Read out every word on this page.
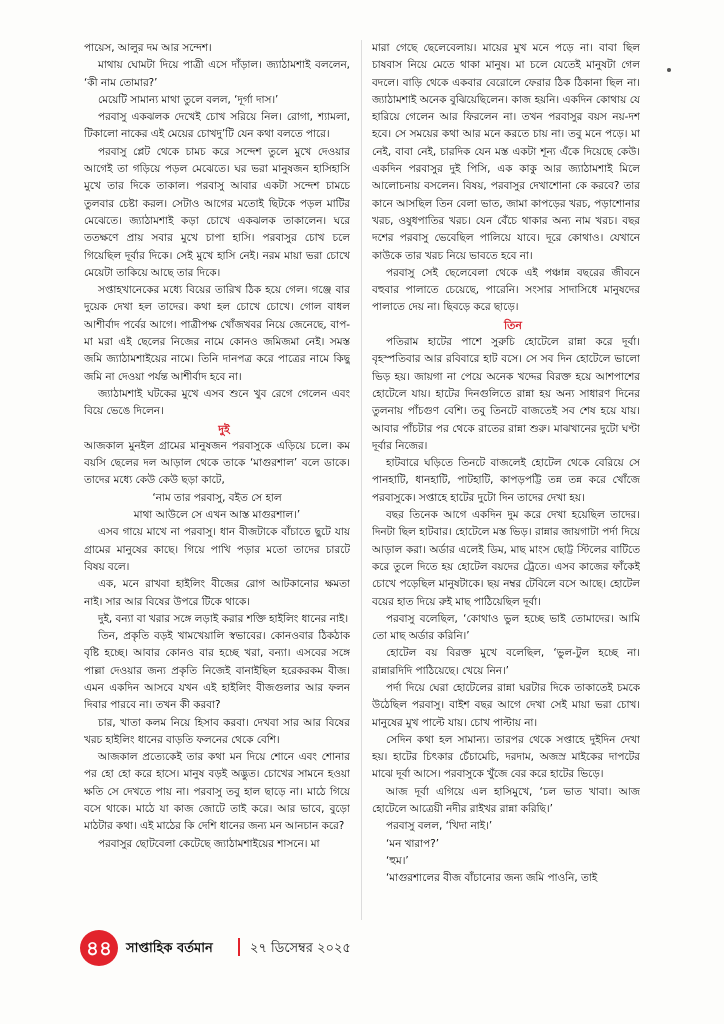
পায়েস, আলুর দম আর সন্দেশ।

মাথায় ঘোমটা দিয়ে পাত্রী এসে দাঁড়াল। জ্যাঠামশাই বললেন, ‘কী নাম তোমার?’

মেয়েটি সামান্য মাথা তুলে বলল, ‘দূর্গা দাস।’

পরবাসু একঝলক দেখেই চোখ সরিয়ে নিল। রোগা, শ্যামলা, টিকালো নাকের এই মেয়ের চোখদু’টি যেন কথা বলতে পারে।

পরবাসু প্লেট থেকে চামচ করে সন্দেশ তুলে মুখে দেওয়ার আগেই তা গড়িয়ে পড়ল মেঝেতে। ঘর ভরা মানুষজন হাসিহাসি মুখে তার দিকে তাকাল। পরবাসু আবার একটা সন্দেশ চামচে তুলবার চেষ্টা করল। সেটাও আগের মতোই ছিটকে পড়ল মাটির মেঝেতে। জ্যাঠামশাই কড়া চোখে একঝলক তাকালেন। ঘরে ততক্ষণে প্রায় সবার মুখে চাপা হাসি। পরবাসুর চোখ চলে গিয়েছিল দূর্বার দিকে। সেই মুখে হাসি নেই। নরম মায়া ভরা চোখে মেয়েটা তাকিয়ে আছে তার দিকে।

সপ্তাহখানেকের মধ্যে বিয়ের তারিখ ঠিক হয়ে গেল। গঞ্জে বার দুয়েক দেখা হল তাদের। কথা হল চোখে চোখে। গোল বাধল আশীর্বাদ পর্বের আগে। পাত্রীপক্ষ খোঁজখবর নিয়ে জেনেছে, বাপ-মা মরা এই ছেলের নিজের নামে কোনও জমিজমা নেই। সমস্ত জমি জ্যাঠামশাইয়ের নামে। তিনি দানপত্র করে পাত্রের নামে কিছু জমি না দেওয়া পর্যন্ত আশীর্বাদ হবে না।

জ্যাঠামশাই ঘটকের মুখে এসব শুনে খুব রেগে গেলেন এবং বিয়ে ভেঙে দিলেন।

দুই

আজকাল মুনইল গ্রামের মানুষজন পরবাসুকে এড়িয়ে চলে। কম বয়সি ছেলের দল আড়াল থেকে তাকে ‘মাগুরশাল’ বলে ডাকে। তাদের মধ্যে কেউ কেউ ছড়া কাটে,

‘নাম তার পরবাসু, বইত সে হাল

মাথা আউলে সে এখন আস্ত মাগুরশাল।’

এসব গায়ে মাখে না পরবাসু। ধান বীজটাকে বাঁচাতে ছুটে যায় গ্রামের মানুষের কাছে। গিয়ে পাখি পড়ার মতো তাদের চারটে বিষয় বলে।

এক, মনে রাখবা হাইলিং বীজের রোগ আটকানোর ক্ষমতা নাই। সার আর বিষের উপরে টিকে থাকে।

দুই, বন্যা বা খরার সঙ্গে লড়াই করার শক্তি হাইলিং ধানের নাই।

তিন, প্রকৃতি বড়ই খামখেয়ালি স্বভাবের। কোনওবার ঠিকঠাক বৃষ্টি হচ্ছে। আবার কোনও বার হচ্ছে খরা, বন্যা। এসবের সঙ্গে পাল্লা দেওয়ার জন্য প্রকৃতি নিজেই বানাইছিল হরেকরকম বীজ। এমন একদিন আসবে যখন এই হাইলিং বীজগুলার আর ফলন দিবার পারবে না। তখন কী করবা?

চার, খাতা কলম নিয়ে হিসাব করবা। দেখবা সার আর বিষের খরচ হাইলিং ধানের বাড়তি ফলনের থেকে বেশি।

আজকাল প্রত্যেকেই তার কথা মন দিয়ে শোনে এবং শোনার পর হো হো করে হাসে। মানুষ বড়ই অদ্ভুত। চোখের সামনে হওয়া ক্ষতি সে দেখতে পায় না। পরবাসু তবু হাল ছাড়ে না। মাঠে গিয়ে বসে থাকে। মাঠে যা কাজ জোটে তাই করে। আর ভাবে, বুড়ো মাঠটার কথা। এই মাঠের কি দেশি ধানের জন্য মন আনচান করে?

পরবাসুর ছোটবেলা কেটেছে জ্যাঠামশাইয়ের শাসনে। মা

মারা গেছে ছেলেবেলায়। মায়ের মুখ মনে পড়ে না। বাবা ছিল চাষবাস নিয়ে মেতে থাকা মানুষ। মা চলে যেতেই মানুষটা গেল বদলে। বাড়ি থেকে একবার বেরোলে ফেরার ঠিক ঠিকানা ছিল না। জ্যাঠামশাই অনেক বুঝিয়েছিলেন। কাজ হয়নি। একদিন কোথায় যে হারিয়ে গেলেন আর ফিরলেন না। তখন পরবাসুর বয়স নয়-দশ হবে। সে সময়ের কথা আর মনে করতে চায় না। তবু মনে পড়ে। মা নেই, বাবা নেই, চারদিক যেন মস্ত একটা শূন্য এঁকে দিয়েছে কেউ। একদিন পরবাসুর দুই পিসি, এক কাকু আর জ্যাঠামশাই মিলে আলোচনায় বসলেন। বিষয়, পরবাসুর দেখাশোনা কে করবে? তার কানে আসছিল তিন বেলা ভাত, জামা কাপড়ের খরচ, পড়াশোনার খরচ, ওষুধপাতির খরচ। যেন বেঁচে থাকার অন্য নাম খরচ। বছর দশের পরবাসু ভেবেছিল পালিয়ে যাবে। দূরে কোথাও। যেখানে কাউকে তার খরচ নিয়ে ভাবতে হবে না।

পরবাসু সেই ছেলেবেলা থেকে এই পঞ্চান্ন বছরের জীবনে বহুবার পালাতে চেয়েছে, পারেনি। সংসার সাদাসিধে মানুষদের পালাতে দেয় না। ছিবড়ে করে ছাড়ে।

তিন

পতিরাম হাটের পাশে সুরুচি হোটেলে রান্না করে দূর্বা। বৃহস্পতিবার আর রবিবারে হাট বসে। সে সব দিন হোটেলে ভালো ভিড় হয়। জায়গা না পেয়ে অনেক খদ্দের বিরক্ত হয়ে আশপাশের হোটেলে যায়। হাটের দিনগুলিতে রান্না হয় অন্য সাধারণ দিনের তুলনায় পাঁচগুণ বেশি। তবু তিনটে বাজতেই সব শেষ হয়ে যায়। আবার পাঁচটার পর থেকে রাতের রান্না শুরু। মাঝখানের দুটো ঘণ্টা দূর্বার নিজের।

হাটবারে ঘড়িতে তিনটে বাজলেই হোটেল থেকে বেরিয়ে সে পানহাটি, ধানহাটি, পাটহাটি, কাপড়পট্টি তন্ন তন্ন করে খোঁজে পরবাসুকে। সপ্তাহে হাটের দুটো দিন তাদের দেখা হয়।

বছর তিনেক আগে একদিন দুম করে দেখা হয়েছিল তাদের। দিনটা ছিল হাটবার। হোটেলে মস্ত ভিড়। রান্নার জায়গাটা পর্দা দিয়ে আড়াল করা। অর্ডার এলেই ডিম, মাছ মাংস ছোট্ট স্টিলের বাটিতে করে তুলে দিতে হয় হোটেল বয়দের ট্রেতে। এসব কাজের ফাঁকেই চোখে পড়েছিল মানুষটাকে। ছয় নম্বর টেবিলে বসে আছে। হোটেল বয়ের হাত দিয়ে রুই মাছ পাঠিয়েছিল দূর্বা।

পরবাসু বলেছিল, ‘কোথাও ভুল হচ্ছে ভাই তোমাদের। আমি তো মাছ অর্ডার করিনি।’

হোটেল বয় বিরক্ত মুখে বলেছিল, ‘ভুল-টুল হচ্ছে না। রান্নারদিদি পাঠিয়েছে। খেয়ে নিন।’

পর্দা দিয়ে ঘেরা হোটেলের রান্না ঘরটার দিকে তাকাতেই চমকে উঠেছিল পরবাসু। বাইশ বছর আগে দেখা সেই মায়া ভরা চোখ। মানুষের মুখ পাল্টে যায়। চোখ পাল্টায় না।

সেদিন কথা হল সামান্য। তারপর থেকে সপ্তাহে দুইদিন দেখা হয়। হাটের চিৎকার চেঁচামেচি, দরদাম, অজস্র মাইকের দাপটের মাঝে দূর্বা আসে। পরবাসুকে খুঁজে বের করে হাটের ভিড়ে।

আজ দূর্বা এগিয়ে এল হাসিমুখে, ‘চল ভাত খাবা। আজ হোটেলে আত্রেয়ী নদীর রাইখর রান্না করিছি।’

পরবাসু বলল, ‘খিদা নাই।’

‘মন খারাপ?’

‘হুম।’

‘মাগুরশালের বীজ বাঁচানোর জন্য জমি পাওনি, তাই

৪৪	সাপ্তাহিক বর্তমান	২৭ ডিসেম্বর ২০২৫
